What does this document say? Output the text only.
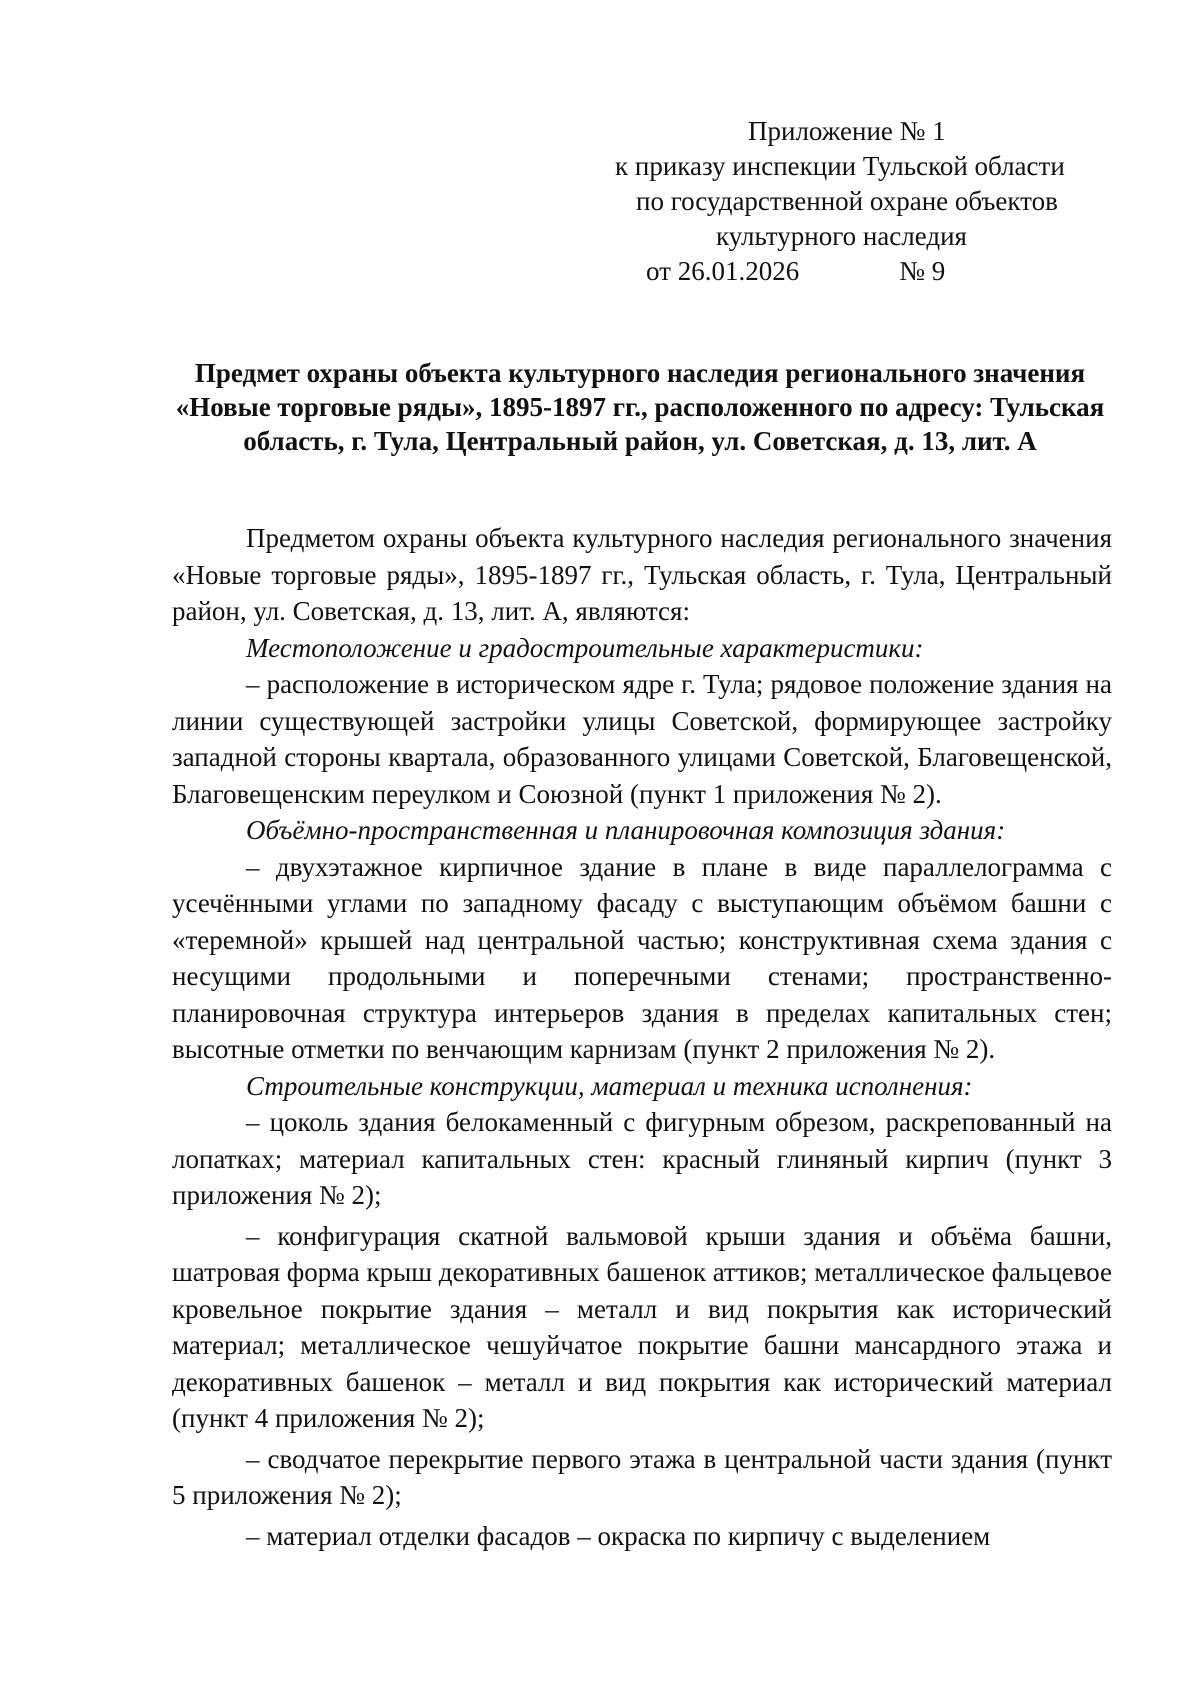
Приложение № 1
к приказу инспекции Тульской области
по государственной охране объектов
культурного наследия
от 26.01.2026	№ 9
Предмет охраны объекта культурного наследия регионального значения «Новые торговые ряды», 1895-1897 гг., расположенного по адресу: Тульская область, г. Тула, Центральный район, ул. Советская, д. 13, лит. А

Предметом охраны объекта культурного наследия регионального значения «Новые торговые ряды», 1895-1897 гг., Тульская область, г. Тула, Центральный район, ул. Советская, д. 13, лит. А, являются:

Местоположение и градостроительные характеристики:

– расположение в историческом ядре г. Тула; рядовое положение здания на линии существующей застройки улицы Советской, формирующее застройку западной стороны квартала, образованного улицами Советской, Благовещенской, Благовещенским переулком и Союзной (пункт 1 приложения № 2).

Объёмно-пространственная и планировочная композиция здания:

– двухэтажное кирпичное здание в плане в виде параллелограмма с усечёнными углами по западному фасаду с выступающим объёмом башни с «теремной» крышей над центральной частью; конструктивная схема здания с несущими продольными и поперечными стенами; пространственно-планировочная структура интерьеров здания в пределах капитальных стен; высотные отметки по венчающим карнизам (пункт 2 приложения № 2).

Строительные конструкции, материал и техника исполнения:

– цоколь здания белокаменный с фигурным обрезом, раскрепованный на лопатках; материал капитальных стен: красный глиняный кирпич (пункт 3 приложения № 2);

– конфигурация скатной вальмовой крыши здания и объёма башни, шатровая форма крыш декоративных башенок аттиков; металлическое фальцевое кровельное покрытие здания – металл и вид покрытия как исторический материал; металлическое чешуйчатое покрытие башни мансардного этажа и декоративных башенок – металл и вид покрытия как исторический материал (пункт 4 приложения № 2);

– сводчатое перекрытие первого этажа в центральной части здания (пункт 5 приложения № 2);

– материал отделки фасадов – окраска по кирпичу с выделением
